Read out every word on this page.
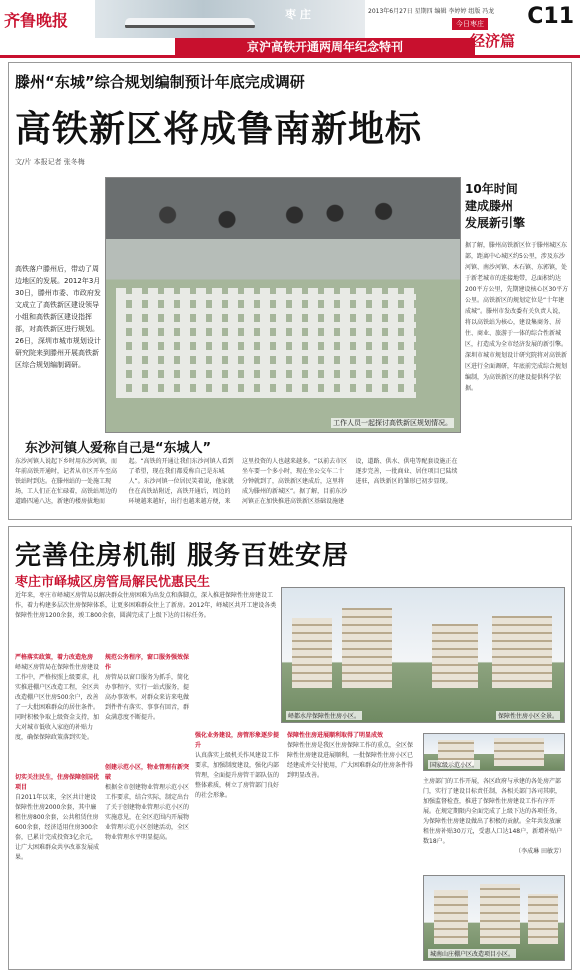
齐鲁晚报	枣 庄
京沪高铁开通两周年纪念特刊
2013年6月27日 星期四 编辑 李婷婷 组版 冯龙 C11
今日枣庄
经济篇
滕州“东城”综合规划编制预计年底完成调研
高铁新区将成鲁南新地标
文/片 本报记者 张冬梅
高铁落户滕州后，带动了周边地区的发展。2012年3月30日，滕州市委、市政府发文成立了高铁新区建设领导小组和高铁新区建设指挥部，对高铁新区进行规划。26日，深圳市城市规划设计研究院来到滕州开展高铁新区综合规划编制调研。
工作人员一起探讨高铁新区规划情况。
10年时间
建成滕州
发展新引擎
据了解，滕州高铁新区位于滕州城区东部，距离中心城区约5公里，涉及东沙河镇、南沙河镇、木石镇、东郭镇，处于新老城市的连接地带，总面积约达200平方公里，先期建设核心区30平方公里。高铁新区的规划定位是“十年建成城”。滕州市发改委有关负责人说，将以高铁站为核心，建设集商务、居住、商业、旅游于一体的综合性新城区，打造成为全市经济发展的新引擎。深圳市城市规划设计研究院将对高铁新区进行全面调研，年底前完成综合规划编制，为高铁新区的建设提供科学依据。
东沙河镇人爱称自己是“东城人”
东沙河镇人说起下乡时用东沙河镇，而年前高铁开通时，记者从市区开车至高铁站时到达。在滕州站的一处施工现场，工人们正在忙碌着，高铁站周边的道路四通八达，新建的楼房拔地而起。“高铁的开通让我们东沙河镇人看到了希望，现在我们都爱称自己是东城人”。东沙河镇一位居民笑着说，他家就住在高铁站附近，高铁开通后，周边的环境越来越好，出行也越来越方便，来这里投资的人也越来越多。“以前去市区坐车要一个多小时，现在坐公交车二十分钟就到了，高铁新区建成后，这里将成为滕州的新城区”。据了解，目前东沙河镇正在加快推进高铁新区基础设施建设，道路、供水、供电等配套设施正在逐步完善，一批商业、居住项目已陆续进驻，高铁新区的雏形已初步显现。
完善住房机制 服务百姓安居
枣庄市峄城区房管局解民忧惠民生
近年来，枣庄市峄城区房管局以解决群众住房困难为出发点和落脚点，深入推进保障性住房建设工作，着力构建多层次住房保障体系，让更多困难群众住上了新房。2012年，峄城区共开工建设各类保障性住房1200余套，竣工800余套，圆满完成了上级下达的目标任务。
严格落实政策，着力改造危房
峄城区房管局在保障性住房建设工作中，严格按照上级要求，扎实推进棚户区改造工程，全区共改造棚户区住房500余户，改善了一大批困难群众的居住条件。同时积极争取上级资金支持，加大对城市低收入家庭的补贴力度，确保保障政策落到实处。
切实关注民生，住房保障创国优项目
自2011年以来，全区共计建设保障性住房2000余套，其中廉租住房800余套，公共租赁住房600余套，经济适用住房300余套，已累计完成投资3亿余元，让广大困难群众共享改革发展成果。
规范公务程序，窗口服务强效保作
房管局以窗口服务为抓手，简化办事程序，实行一站式服务，提高办事效率。对群众来访来电做到件件有落实、事事有回音，群众满意度不断提升。
创建示范小区，物业管理有新突破
根据全市创建物业管理示范小区工作要求，结合实际，制定出台了关于创建物业管理示范小区的实施意见，在全区范围内开展物业管理示范小区创建活动，全区物业管理水平明显提高。
峄都水岸保障性住房小区。	保障性住房小区全景。
强化业务建设，房管形象逐步提升
认真落实上级机关作风建设工作要求，加强制度建设，强化内部管理，全面提升房管干部队伍的整体素质，树立了房管部门良好的社会形象。
保障性住房进展顺利取得了明显成效
保障性住房是我区住房保障工作的重点，全区保障性住房建设进展顺利，一批保障性住房小区已经建成并交付使用，广大困难群众的住房条件得到明显改善。
国家级示范小区。
主房部门的工作开展，各区政府与承建的各处房产部门，实行了建设目标责任制，各相关部门各司其职，加强监督检查，推进了保障性住房建设工作有序开展。在规定期限内全面完成了上级下达的各项任务，为保障性住房建设做出了积极的贡献。全年共发放廉租住房补贴30万元，受惠人口达148户，新增补贴户数18户。
（李成琳 田敏芳）
城南山庄棚户区改造项目小区。
